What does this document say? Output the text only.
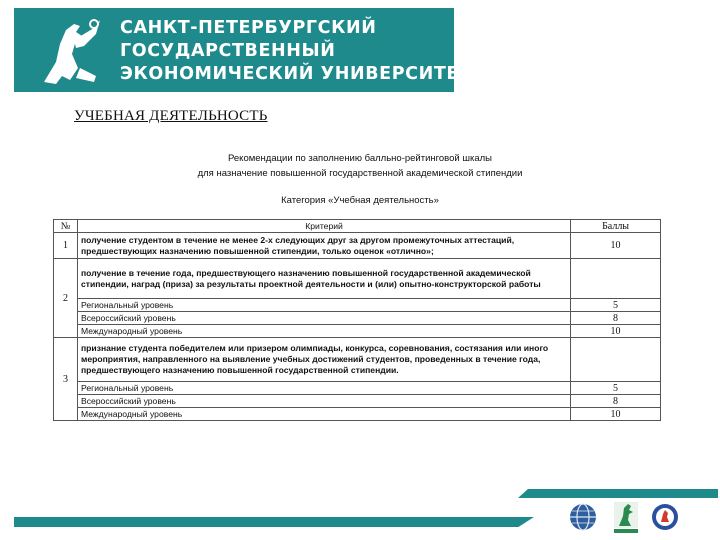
САНКТ-ПЕТЕРБУРГСКИЙ
ГОСУДАРСТВЕННЫЙ
ЭКОНОМИЧЕСКИЙ УНИВЕРСИТЕТ
УЧЕБНАЯ ДЕЯТЕЛЬНОСТЬ
Рекомендации по заполнению балльно-рейтинговой шкалы
для назначение повышенной государственной академической стипендии
Категория «Учебная деятельность»
№	Критерий	Баллы
1	получение студентом в течение не менее 2-х следующих друг за другом промежуточных аттестаций, предшествующих назначению повышенной стипендии, только оценок «отлично»;	10
2	получение в течение года, предшествующего назначению повышенной государственной академической стипендии, наград (приза) за результаты проектной деятельности и (или) опытно-конструкторской работы	
	Региональный уровень	5
	Всероссийский уровень	8
	Международный уровень	10
3	признание студента победителем или призером олимпиады, конкурса, соревнования, состязания или иного мероприятия, направленного на выявление учебных достижений студентов, проведенных в течение года, предшествующего назначению повышенной государственной стипендии.	
	Региональный уровень	5
	Всероссийский уровень	8
	Международный уровень	10
